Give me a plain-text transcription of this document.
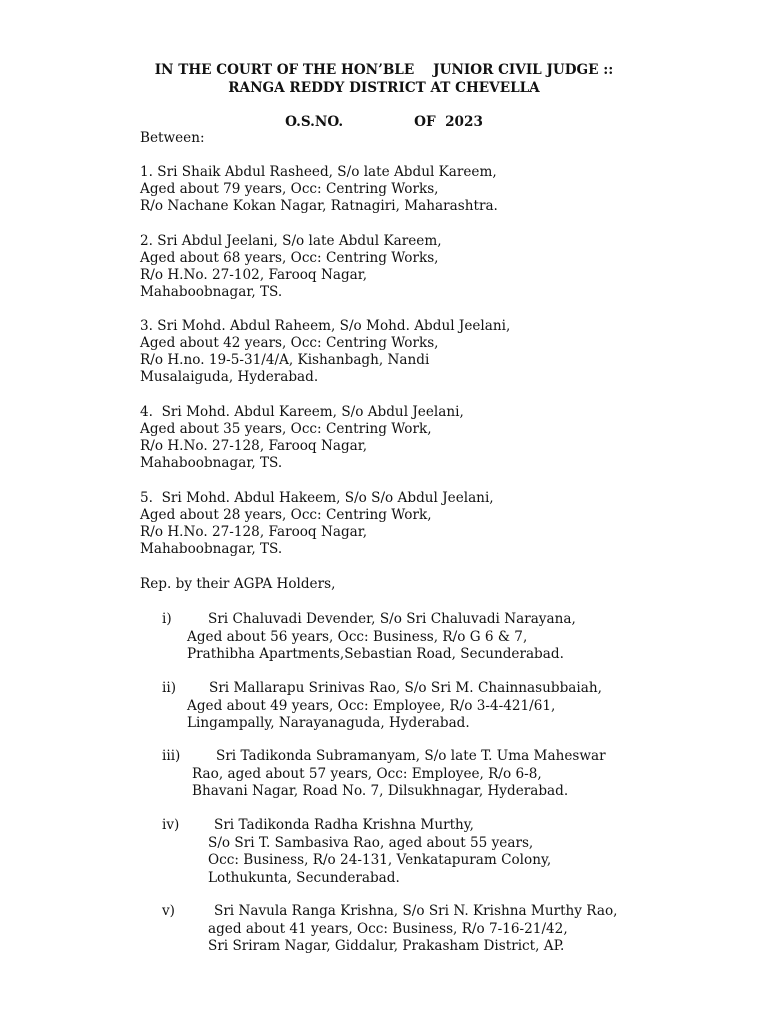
IN THE COURT OF THE HON’BLE    JUNIOR CIVIL JUDGE ::
RANGA REDDY DISTRICT AT CHEVELLA
O.S.NO.               OF  2023
Between:
1. Sri Shaik Abdul Rasheed, S/o late Abdul Kareem,
Aged about 79 years, Occ: Centring Works,
R/o Nachane Kokan Nagar, Ratnagiri, Maharashtra.
2. Sri Abdul Jeelani, S/o late Abdul Kareem,
Aged about 68 years, Occ: Centring Works,
R/o H.No. 27-102, Farooq Nagar,
Mahaboobnagar, TS.
3. Sri Mohd. Abdul Raheem, S/o Mohd. Abdul Jeelani,
Aged about 42 years, Occ: Centring Works,
R/o H.no. 19-5-31/4/A, Kishanbagh, Nandi
Musalaiguda, Hyderabad.
4.  Sri Mohd. Abdul Kareem, S/o Abdul Jeelani,
Aged about 35 years, Occ: Centring Work,
R/o H.No. 27-128, Farooq Nagar,
Mahaboobnagar, TS.
5.  Sri Mohd. Abdul Hakeem, S/o S/o Abdul Jeelani,
Aged about 28 years, Occ: Centring Work,
R/o H.No. 27-128, Farooq Nagar,
Mahaboobnagar, TS.
Rep. by their AGPA Holders,
i)	Sri Chaluvadi Devender, S/o Sri Chaluvadi Narayana,
Aged about 56 years, Occ: Business, R/o G 6 & 7,
Prathibha Apartments,Sebastian Road, Secunderabad.
ii)	Sri Mallarapu Srinivas Rao, S/o Sri M. Chainnasubbaiah,
Aged about 49 years, Occ: Employee, R/o 3-4-421/61,
Lingampally, Narayanaguda, Hyderabad.
iii)	Sri Tadikonda Subramanyam, S/o late T. Uma Maheswar
Rao, aged about 57 years, Occ: Employee, R/o 6-8,
Bhavani Nagar, Road No. 7, Dilsukhnagar, Hyderabad.
iv)	Sri Tadikonda Radha Krishna Murthy,
S/o Sri T. Sambasiva Rao, aged about 55 years,
Occ: Business, R/o 24-131, Venkatapuram Colony,
Lothukunta, Secunderabad.
v)	Sri Navula Ranga Krishna, S/o Sri N. Krishna Murthy Rao,
aged about 41 years, Occ: Business, R/o 7-16-21/42,
Sri Sriram Nagar, Giddalur, Prakasham District, AP.
